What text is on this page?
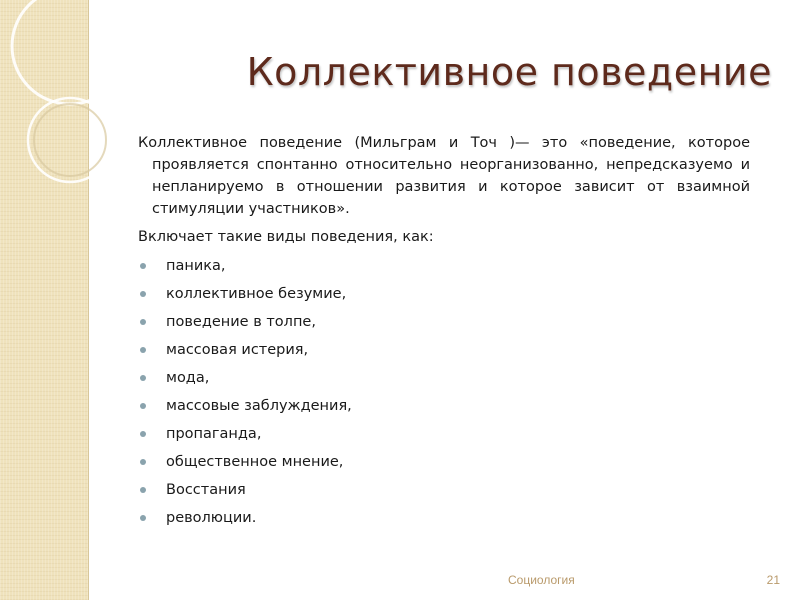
Коллективное поведение

Коллективное поведение (Мильграм и Точ )— это «поведение, которое проявляется спонтанно относительно неорганизованно, непредсказуемо и непланируемо в отношении развития и которое зависит от взаимной стимуляции участников».

Включает такие виды поведения, как:

паника,
коллективное безумие,
поведение в толпе,
массовая истерия,
мода,
массовые заблуждения,
пропаганда,
общественное мнение,
Восстания
революции.
Социология	21
